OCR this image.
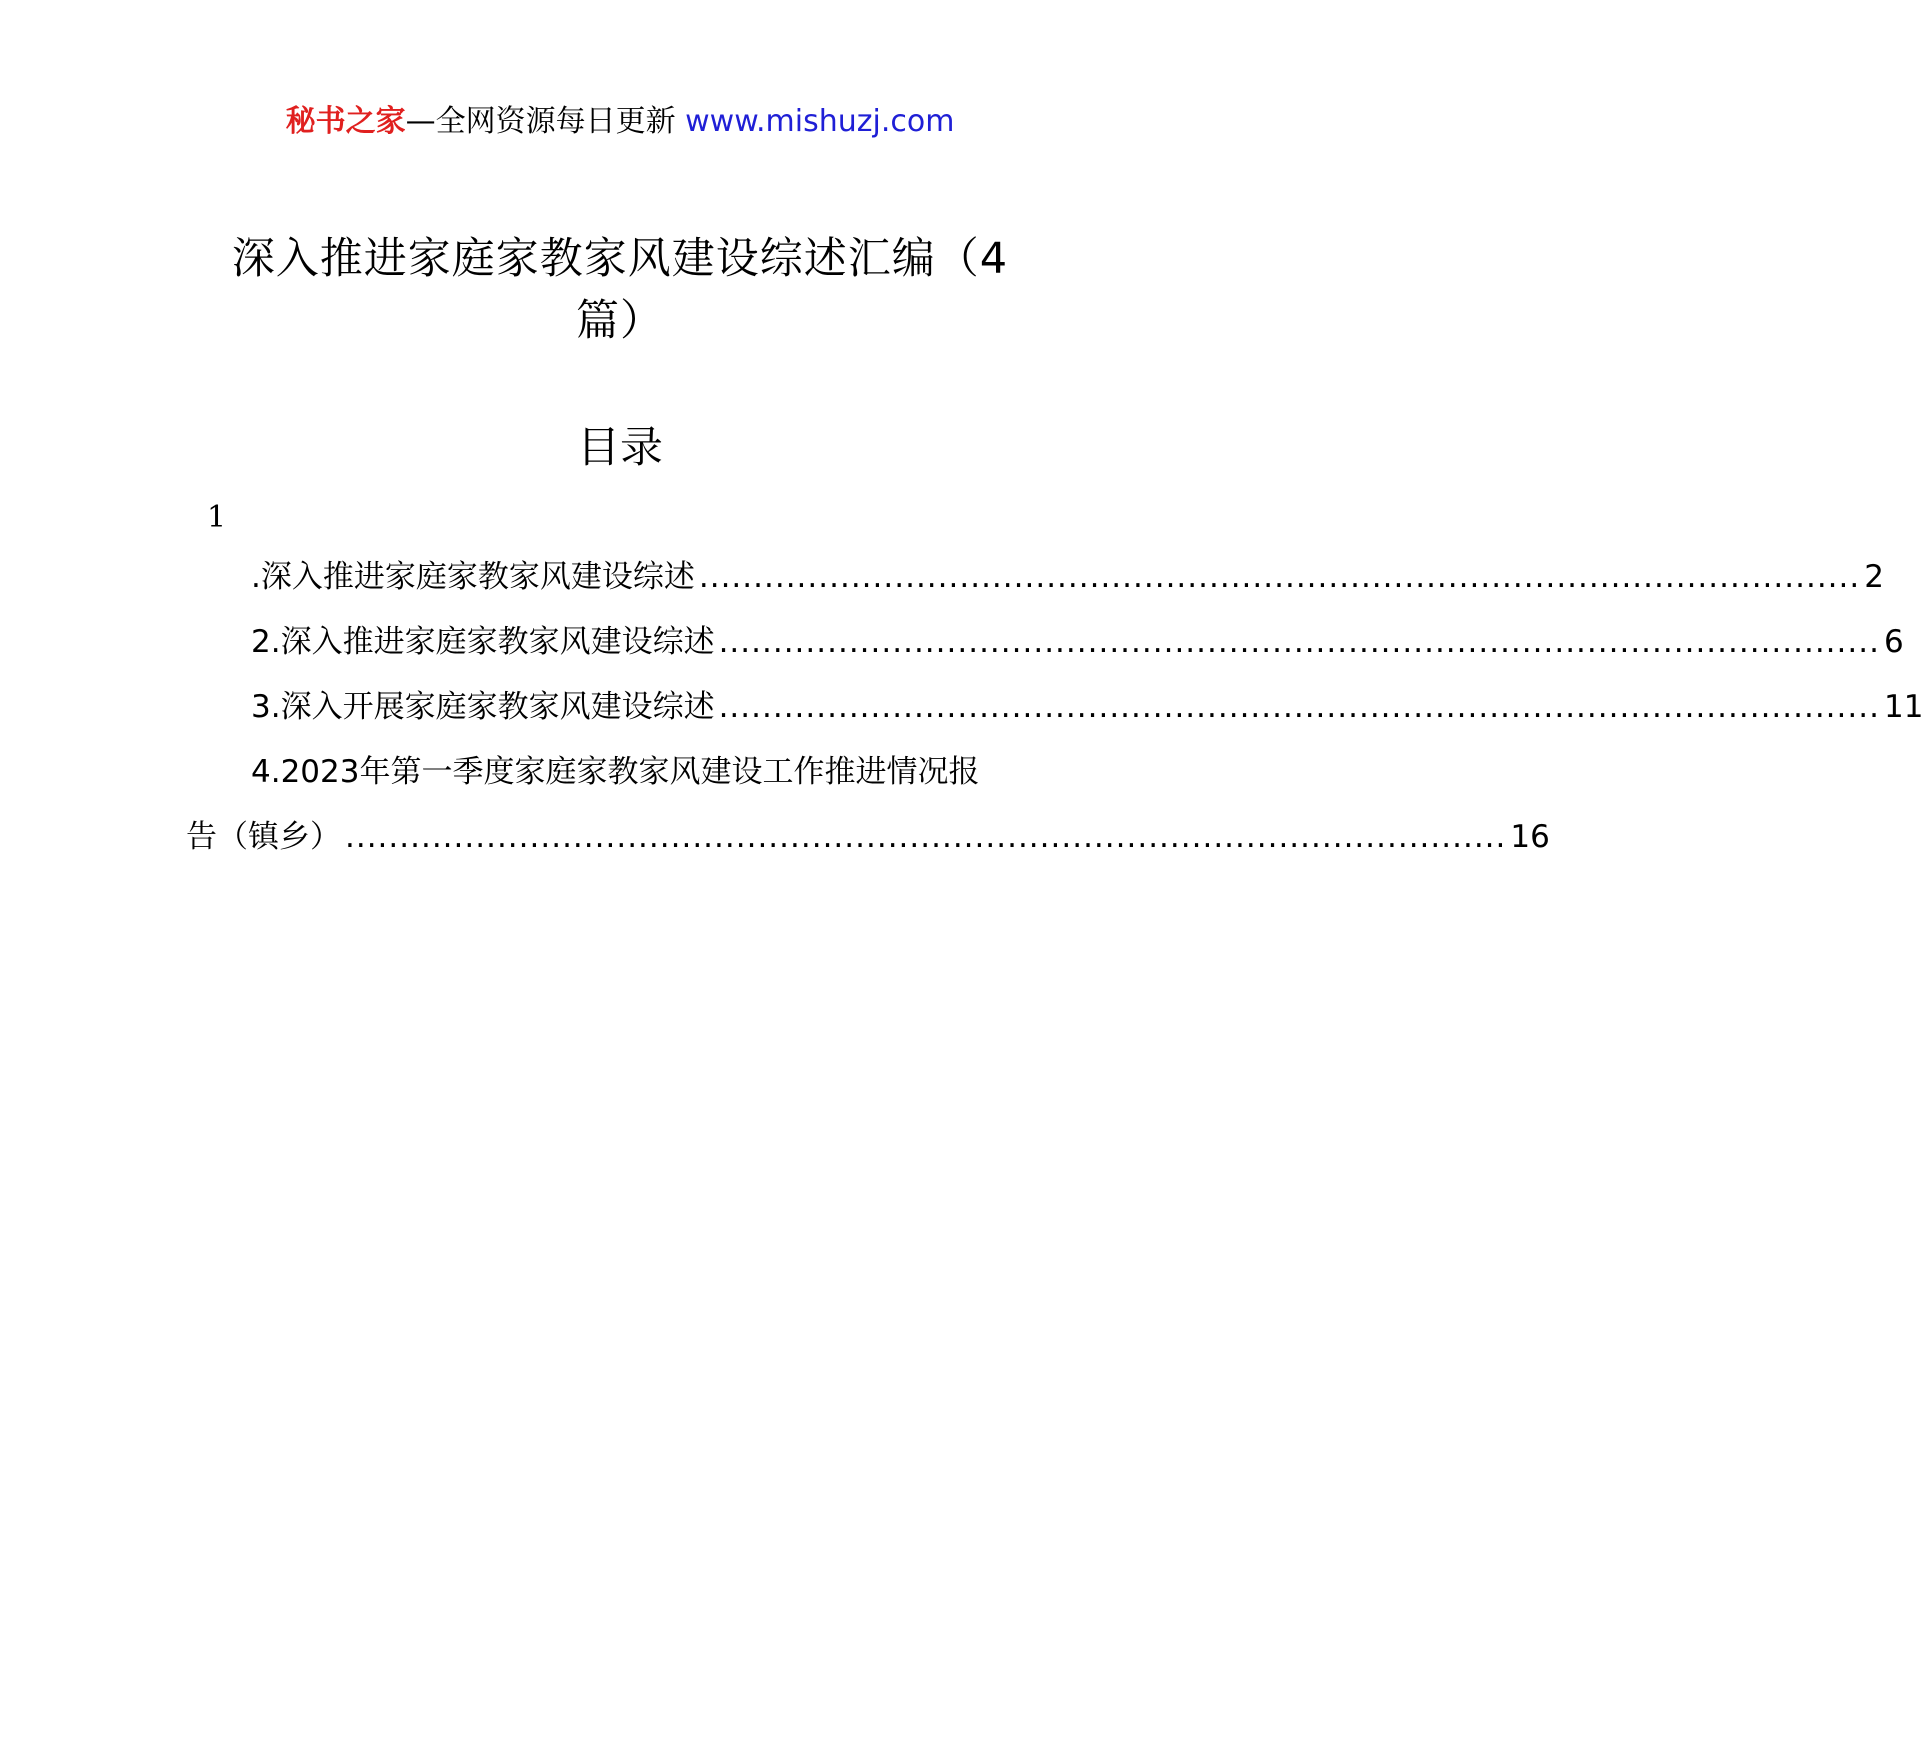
秘书之家—全网资源每日更新 www.mishuzj.com
深入推进家庭家教家风建设综述汇编（4篇）
目录
1
.深入推进家庭家教家风建设综述 ........................................................................................................... 2
2.深入推进家庭家教家风建设综述 ........................................................................................................... 6
3.深入开展家庭家教家风建设综述 ........................................................................................................... 11
4.2023年第一季度家庭家教家风建设工作推进情况报
告（镇乡） ........................................................................................................... 16
